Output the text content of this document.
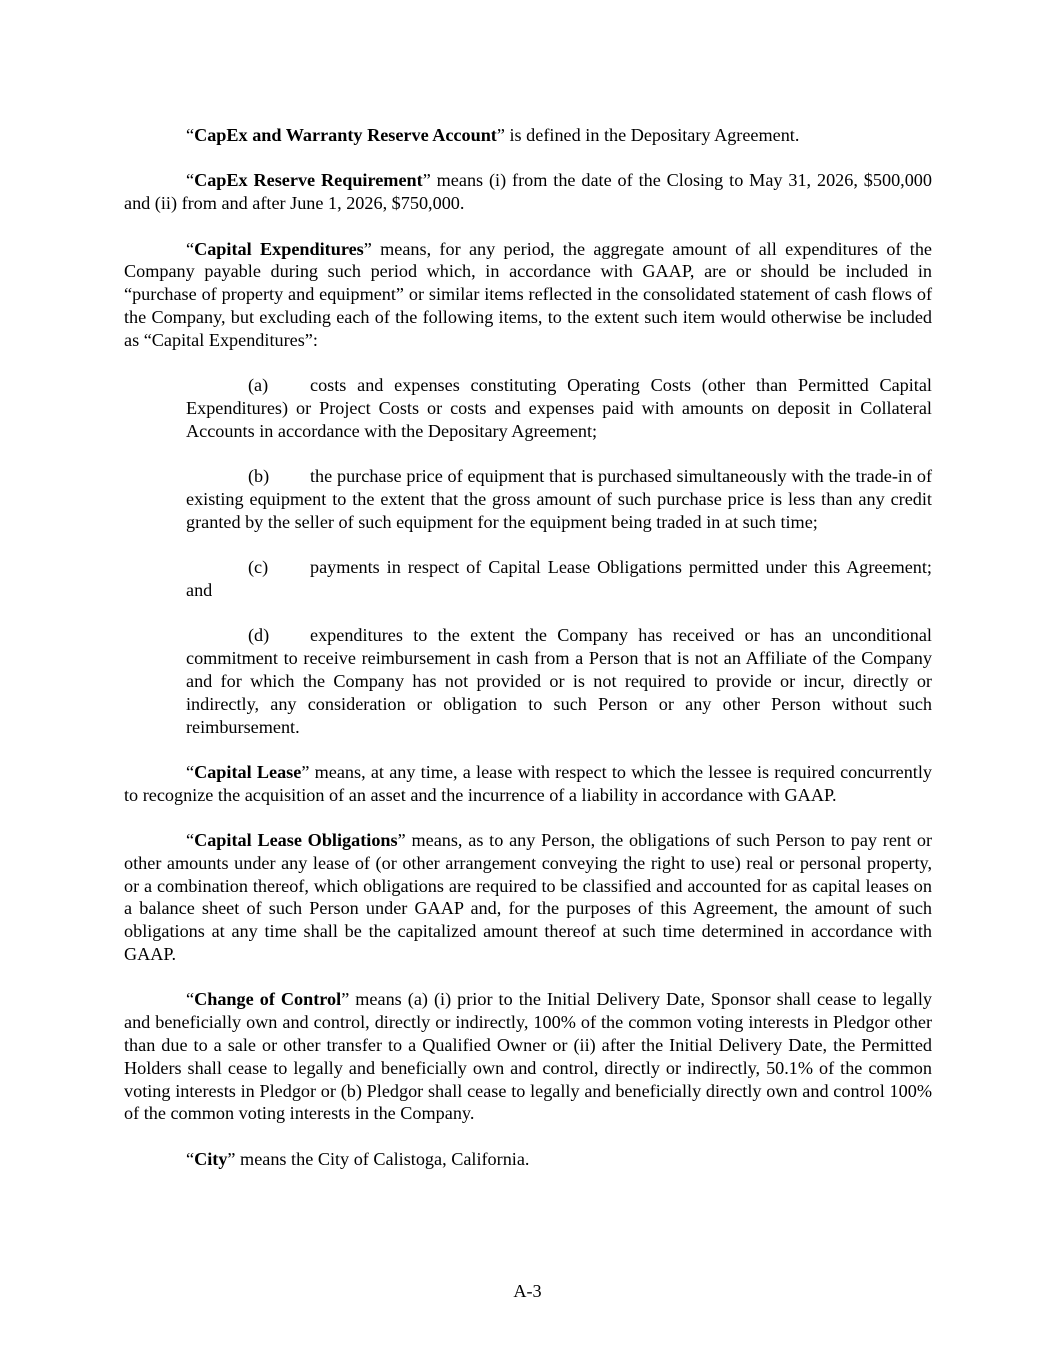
“CapEx and Warranty Reserve Account” is defined in the Depositary Agreement.

“CapEx Reserve Requirement” means (i) from the date of the Closing to May 31, 2026, $500,000 and (ii) from and after June 1, 2026, $750,000.

“Capital Expenditures” means, for any period, the aggregate amount of all expenditures of the Company payable during such period which, in accordance with GAAP, are or should be included in “purchase of property and equipment” or similar items reflected in the consolidated statement of cash flows of the Company, but excluding each of the following items, to the extent such item would otherwise be included as “Capital Expenditures”:

(a) costs and expenses constituting Operating Costs (other than Permitted Capital Expenditures) or Project Costs or costs and expenses paid with amounts on deposit in Collateral Accounts in accordance with the Depositary Agreement;

(b) the purchase price of equipment that is purchased simultaneously with the trade-in of existing equipment to the extent that the gross amount of such purchase price is less than any credit granted by the seller of such equipment for the equipment being traded in at such time;

(c) payments in respect of Capital Lease Obligations permitted under this Agreement; and

(d) expenditures to the extent the Company has received or has an unconditional commitment to receive reimbursement in cash from a Person that is not an Affiliate of the Company and for which the Company has not provided or is not required to provide or incur, directly or indirectly, any consideration or obligation to such Person or any other Person without such reimbursement.

“Capital Lease” means, at any time, a lease with respect to which the lessee is required concurrently to recognize the acquisition of an asset and the incurrence of a liability in accordance with GAAP.

“Capital Lease Obligations” means, as to any Person, the obligations of such Person to pay rent or other amounts under any lease of (or other arrangement conveying the right to use) real or personal property, or a combination thereof, which obligations are required to be classified and accounted for as capital leases on a balance sheet of such Person under GAAP and, for the purposes of this Agreement, the amount of such obligations at any time shall be the capitalized amount thereof at such time determined in accordance with GAAP.

“Change of Control” means (a) (i) prior to the Initial Delivery Date, Sponsor shall cease to legally and beneficially own and control, directly or indirectly, 100% of the common voting interests in Pledgor other than due to a sale or other transfer to a Qualified Owner or (ii) after the Initial Delivery Date, the Permitted Holders shall cease to legally and beneficially own and control, directly or indirectly, 50.1% of the common voting interests in Pledgor or (b) Pledgor shall cease to legally and beneficially directly own and control 100% of the common voting interests in the Company.

“City” means the City of Calistoga, California.

A-3
